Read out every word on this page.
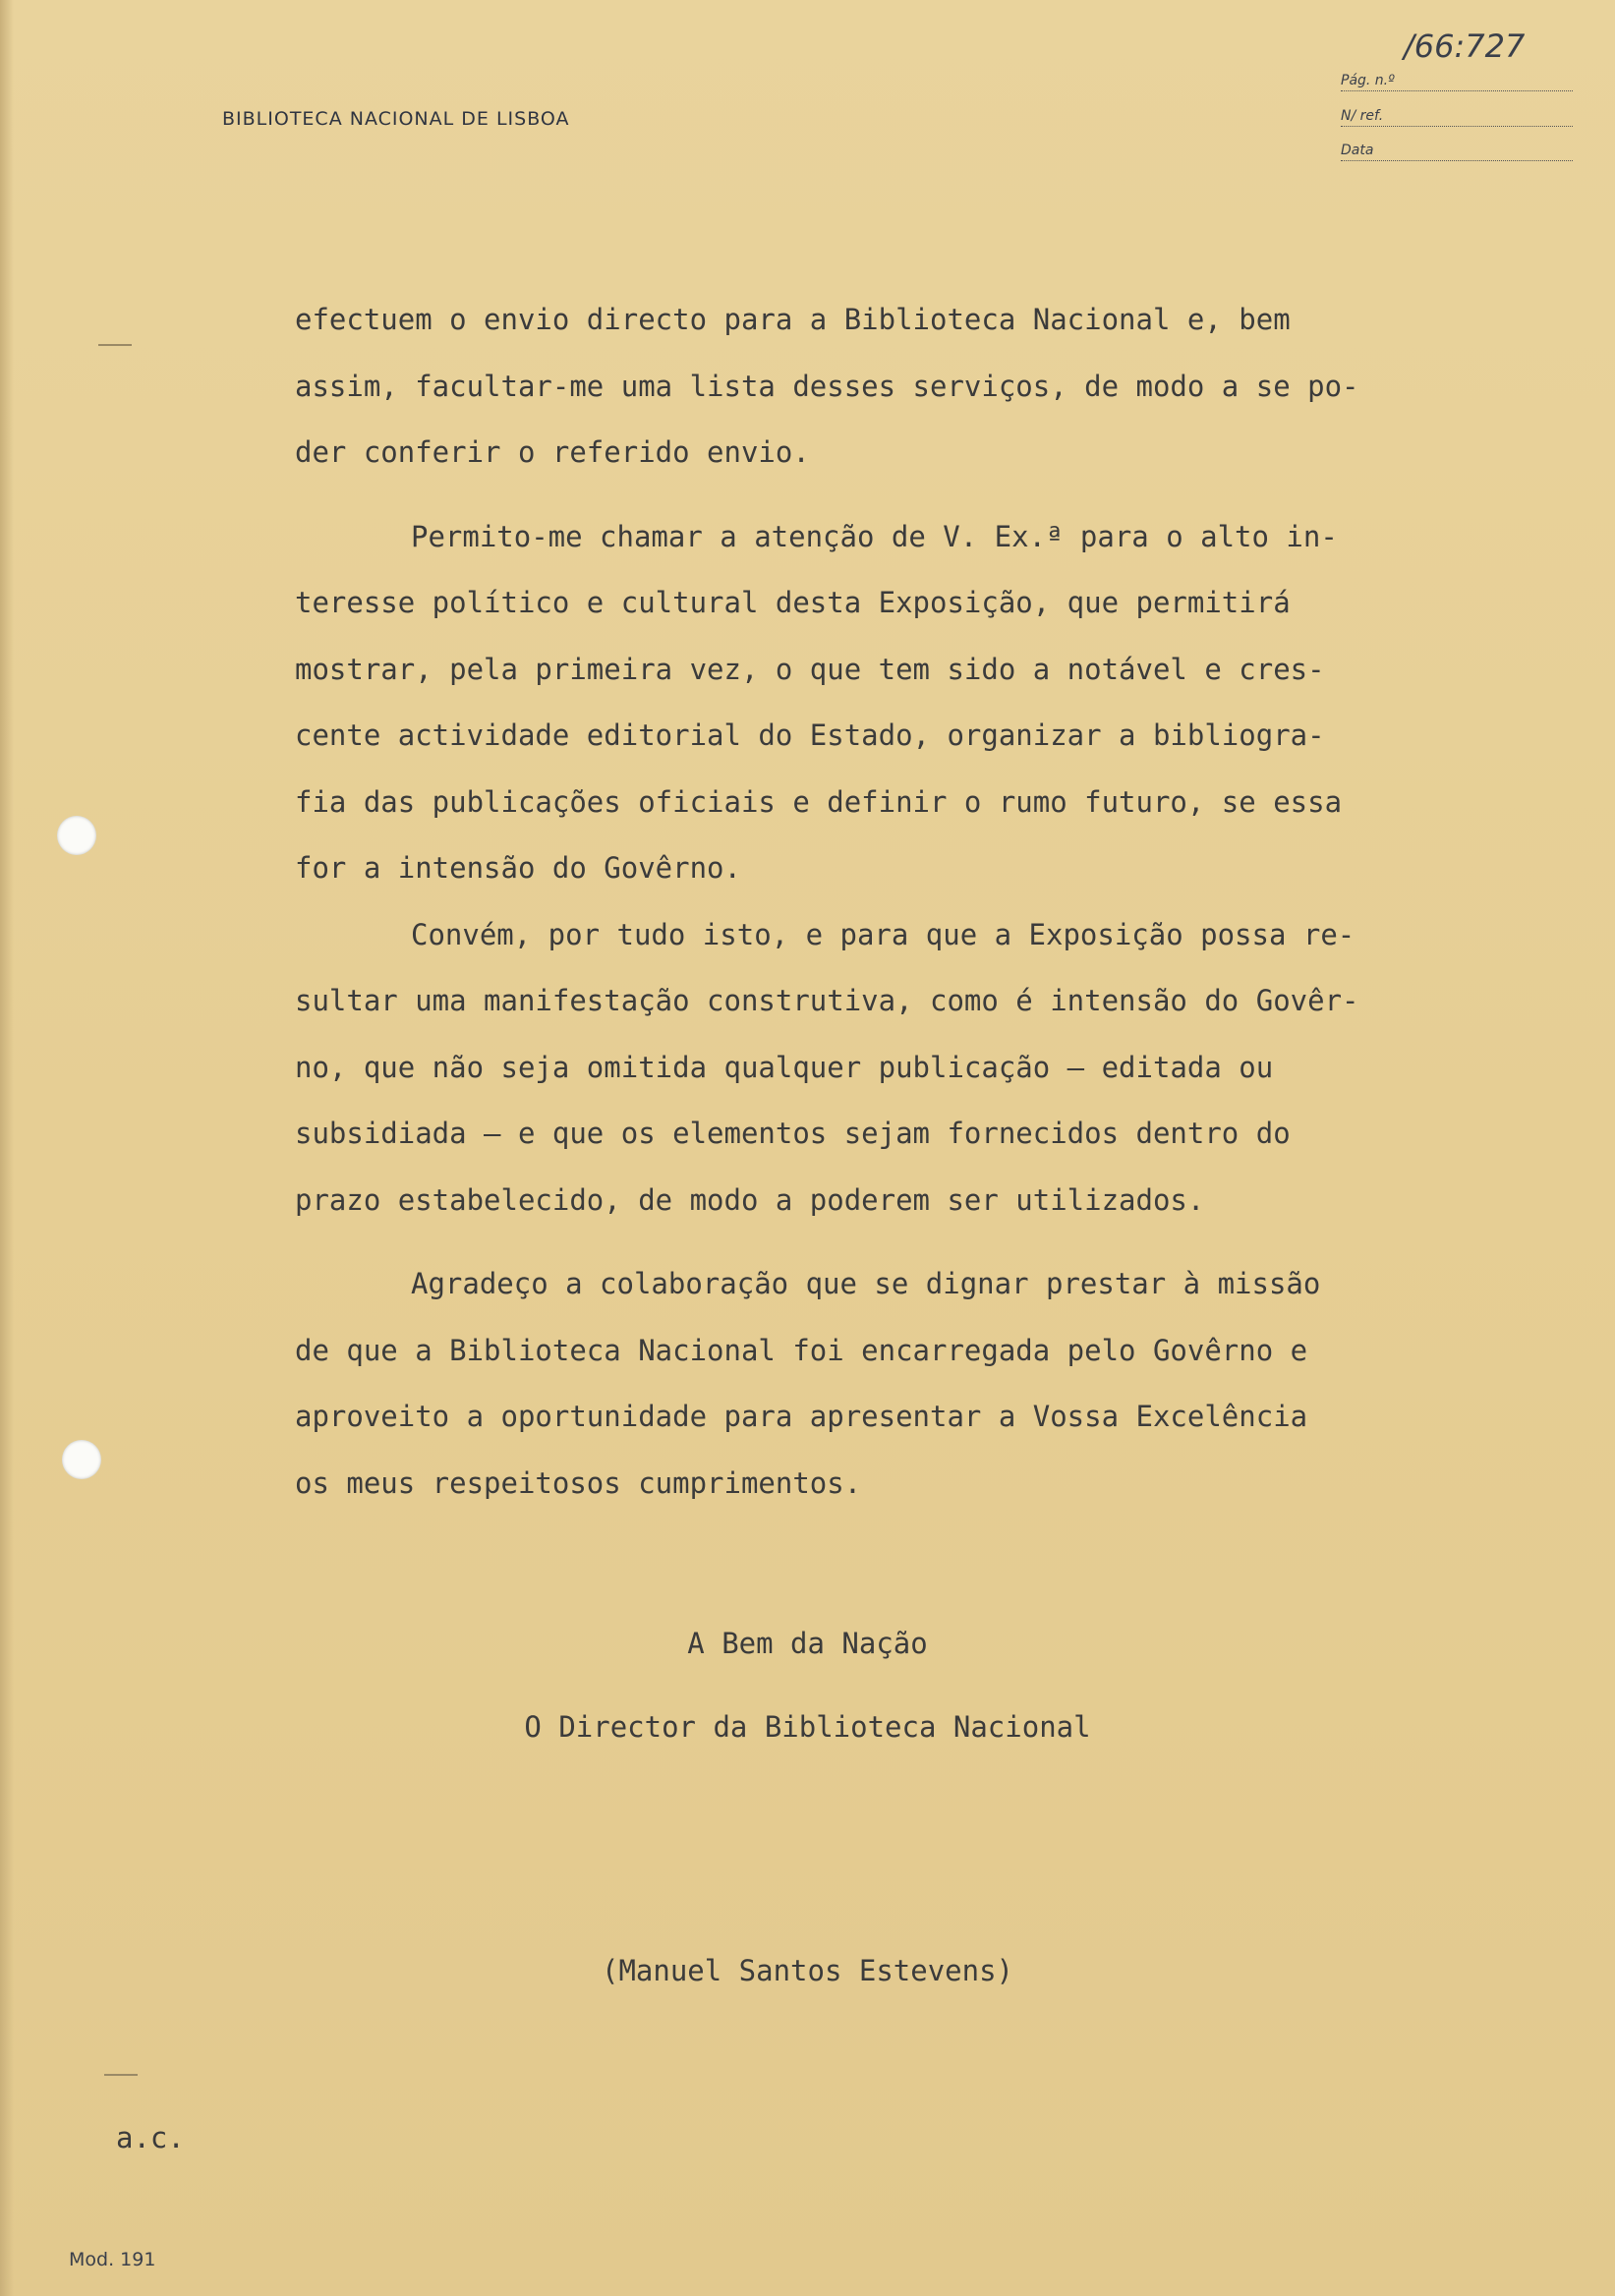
BIBLIOTECA NACIONAL DE LISBOA
/66:727
Pág. n.º
N/ ref.
Data

efectuem o envio directo para a Biblioteca Nacional e, bem

assim, facultar-me uma lista desses serviços, de modo a se po-

der conferir o referido envio.

Permito-me chamar a atenção de V. Ex.ª para o alto in-

teresse político e cultural desta Exposição, que permitirá

mostrar, pela primeira vez, o que tem sido a notável e cres-

cente actividade editorial do Estado, organizar a bibliogra-

fia das publicações oficiais e definir o rumo futuro, se essa

for a intensão do Govêrno.

Convém, por tudo isto, e para que a Exposição possa re-

sultar uma manifestação construtiva, como é intensão do Govêr-

no, que não seja omitida qualquer publicação — editada ou

subsidiada — e que os elementos sejam fornecidos dentro do

prazo estabelecido, de modo a poderem ser utilizados.

Agradeço a colaboração que se dignar prestar à missão

de que a Biblioteca Nacional foi encarregada pelo Govêrno e

aproveito a oportunidade para apresentar a Vossa Excelência

os meus respeitosos cumprimentos.

A Bem da Nação
O Director da Biblioteca Nacional
(Manuel Santos Estevens)
a.c.
Mod. 191
